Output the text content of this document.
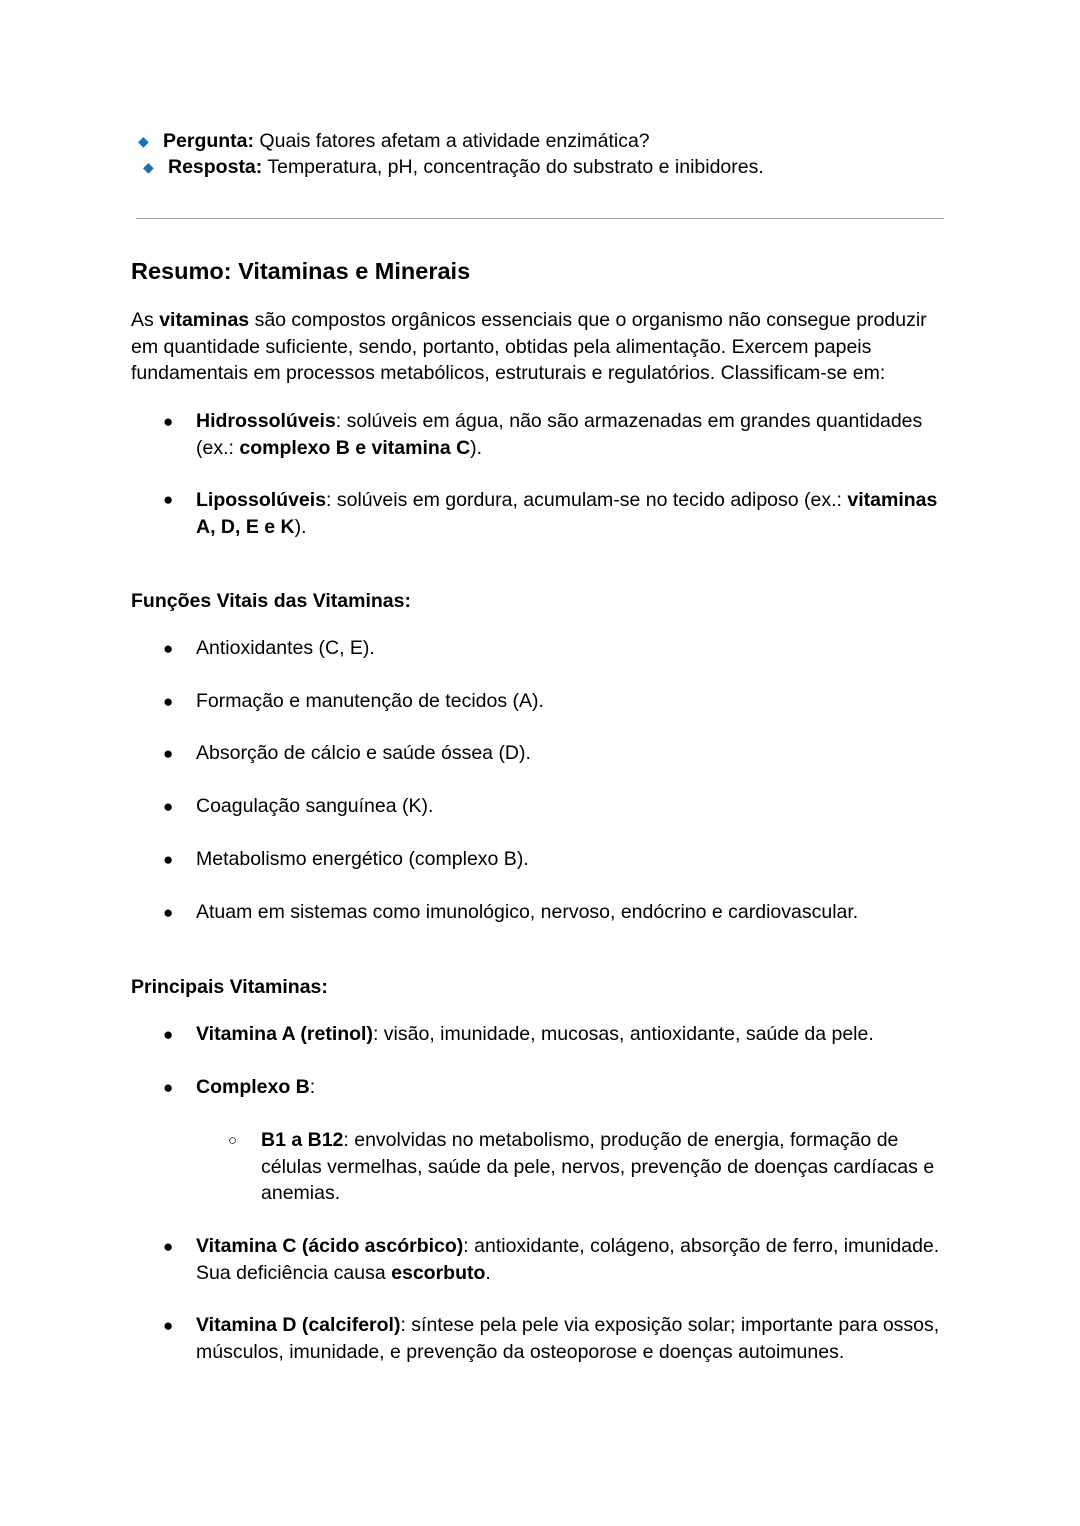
◆ Pergunta: Quais fatores afetam a atividade enzimática?
◆ Resposta: Temperatura, pH, concentração do substrato e inibidores.
Resumo: Vitaminas e Minerais
As vitaminas são compostos orgânicos essenciais que o organismo não consegue produzir em quantidade suficiente, sendo, portanto, obtidas pela alimentação. Exercem papeis fundamentais em processos metabólicos, estruturais e regulatórios. Classificam-se em:
● Hidrossolúveis: solúveis em água, não são armazenadas em grandes quantidades (ex.: complexo B e vitamina C).
● Lipossolúveis: solúveis em gordura, acumulam-se no tecido adiposo (ex.: vitaminas A, D, E e K).
Funções Vitais das Vitaminas:
● Antioxidantes (C, E).
● Formação e manutenção de tecidos (A).
● Absorção de cálcio e saúde óssea (D).
● Coagulação sanguínea (K).
● Metabolismo energético (complexo B).
● Atuam em sistemas como imunológico, nervoso, endócrino e cardiovascular.
Principais Vitaminas:
● Vitamina A (retinol): visão, imunidade, mucosas, antioxidante, saúde da pele.
● Complexo B:
○ B1 a B12: envolvidas no metabolismo, produção de energia, formação de células vermelhas, saúde da pele, nervos, prevenção de doenças cardíacas e anemias.
● Vitamina C (ácido ascórbico): antioxidante, colágeno, absorção de ferro, imunidade. Sua deficiência causa escorbuto.
● Vitamina D (calciferol): síntese pela pele via exposição solar; importante para ossos, músculos, imunidade, e prevenção da osteoporose e doenças autoimunes.
